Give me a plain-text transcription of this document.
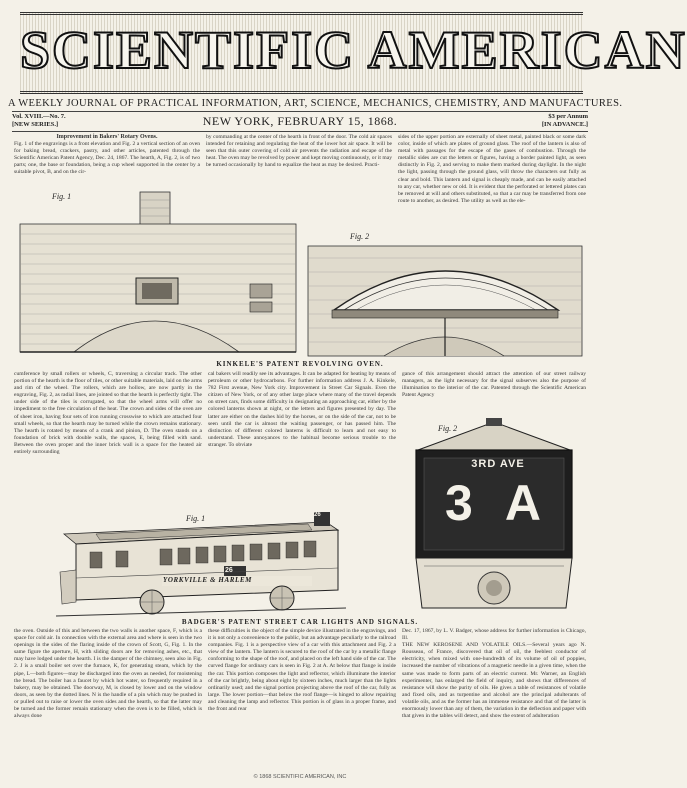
SCIENTIFIC AMERICAN
A WEEKLY JOURNAL OF PRACTICAL INFORMATION, ART, SCIENCE, MECHANICS, CHEMISTRY, AND MANUFACTURES.
Vol. XVIII.—No. 7.
[NEW SERIES.]	NEW YORK, FEBRUARY 15, 1868.	$3 per Annum
[IN ADVANCE.]
Improvement in Bakers' Rotary Ovens.
Fig. 1 of the engravings is a front elevation and Fig. 2 a vertical section of an oven for baking bread, crackers, pastry, and other articles, patented through the Scientific American Patent Agency, Dec. 24, 1867. The hearth, A, Fig. 2, is of two parts; one, the base or foundation, being a cup wheel supported in the center by a suitable pivot, B, and on the cir-
by commanding at the center of the hearth in front of the door. The cold air spaces intended for retaining and regulating the heat of the lower hot air space. It will be seen that this outer covering of cold air prevents the radiation and escape of the heat. The oven may be revolved by power and kept moving continuously, or it may be turned occasionally by hand to equalize the heat as may be desired. Practi-
sides of the upper portion are externally of sheet metal, painted black or some dark color, inside of which are plates of ground glass. The roof of the lantern is also of metal with passages for the escape of the gases of combustion. Through the metallic sides are cut the letters or figures, having a border painted light, as seen distinctly in Fig. 2, and serving to make them marked during daylight. In the night the light, passing through the ground glass, will throw the characters out fully as clear and bold. This lantern and signal is cheaply made, and can be easily attached to any car, whether new or old. It is evident that the perforated or lettered plates can be removed at will and others substituted, so that a car may be transferred from one route to another, as desired. The utility as well as the ele-
Fig. 1
Fig. 2
KINKELE'S PATENT REVOLVING OVEN.
cumference by small rollers or wheels, C, traversing a circular track. The other portion of the hearth is the floor of tiles, or other suitable materials, laid on the arms and rim of the wheel. The rollers, which are hollow, are now partly in the engraving, Fig. 2, as radial lines, are jointed so that the hearth is perfectly tight. The under side of the tiles is corrugated, so that the wheel arms will offer no impediment to the free circulation of the heat. The crown and sides of the oven are of sheet iron, having four sets of iron running crosswise to which are attached four small wheels, so that the hearth may be turned while the crown remains stationary. The hearth is rotated by means of a crank and pinion, D. The oven stands on a foundation of brick with double walls, the spaces, E, being filled with sand. Between the oven proper and the inner brick wall is a space for the heated air entirely surrounding
cal bakers will readily see its advantages. It can be adapted for heating by means of petroleum or other hydrocarbons. For further information address J. A. Kinkele, 782 First avenue, New York city. Improvement in Street Car Signals. Even the citizen of New York, or of any other large place where many of the travel depends on street cars, finds some difficulty in designating an approaching car, either by the colored lanterns shown at night, or the letters and figures presented by day. The latter are either on the dashes hid by the horses, or on the side of the car, not to be seen until the car is almost the waiting passenger, or has passed him. The distinction of different colored lanterns is difficult to learn and not easy to understand. These annoyances to the habitual become serious trouble to the stranger. To obviate
gance of this arrangement should attract the attention of our street railway managers, as the light necessary for the signal subserves also the purpose of illumination to the interior of the car. Patented through the Scientific American Patent Agency
Fig. 1
26
26
YORKVILLE & HARLEM
Fig. 2
3RD AVE
3 A
BADGER'S PATENT STREET CAR LIGHTS AND SIGNALS.
the oven. Outside of this and between the two walls is another space, F, which is a space for cold air. In connection with the external area and where is seen in the two openings in the sides of the flaring inside of the crown of Scott, G, Fig. 1. In the same figure the aperture, H, with sliding doors are for removing ashes, etc., that may have lodged under the hearth. I is the damper of the chimney, seen also in Fig. 2. J is a small boiler set over the furnace, K, for generating steam, which by the pipe, L—both figures—may be discharged into the oven as needed, for moistening the bread. The boiler has a faucet by which hot water, so frequently required in a bakery, may be obtained. The doorway, M, is closed by lower and on the window doors, as seen by the dotted lines. N is the handle of a pin which may be pushed in or pulled out to raise or lower the oven sides and the hearth, so that the latter may be turned and the former remain stationary when the oven is to be filled, which is always done
these difficulties is the object of the simple device illustrated in the engravings, and it is not only a convenience to the public, but an advantage peculiarly to the railroad companies. Fig. 1 is a perspective view of a car with this attachment and Fig. 2 a view of the lantern. The lantern is secured to the roof of the car by a metallic flange conforming to the shape of the roof, and placed on the left hand side of the car. The curved flange for ordinary cars is seen in Fig. 2 at A. At below that flange is inside the car. This portion composes the light and reflector, which illuminate the interior of the car brightly, being about eight by sixteen inches, much larger than the lights ordinarily used; and the signal portion projecting above the roof of the car, fully as large. The lower portion—that below the roof flange—is hinged to allow repairing and cleaning the lamp and reflector. This portion is of glass in a proper frame, and the front and rear
Dec. 17, 1867, by L. V. Badger, whose address for further information is Chicago, Ill.
THE NEW KEROSENE AND VOLATILE OILS.—Several years ago N. Rousseau, of France, discovered that oil of oil, the feeblest conductor of electricity, when mixed with one-hundredth of its volume of oil of poppies, increased the number of vibrations of a magnetic needle in a given time, when the same was made to form parts of an electric current. Mr. Warner, an English experimenter, has enlarged the field of inquiry, and shows that differences of resistance will show the purity of oils. He gives a table of resistances of volatile and fixed oils, and as turpentine and alcohol are the principal adulterants of volatile oils, and as the former has an immense resistance and that of the latter is enormously lower than any of them, the variation in the deflection and paper with that given in the tables will detect, and show the extent of adulteration
© 1868 SCIENTIFIC AMERICAN, INC
